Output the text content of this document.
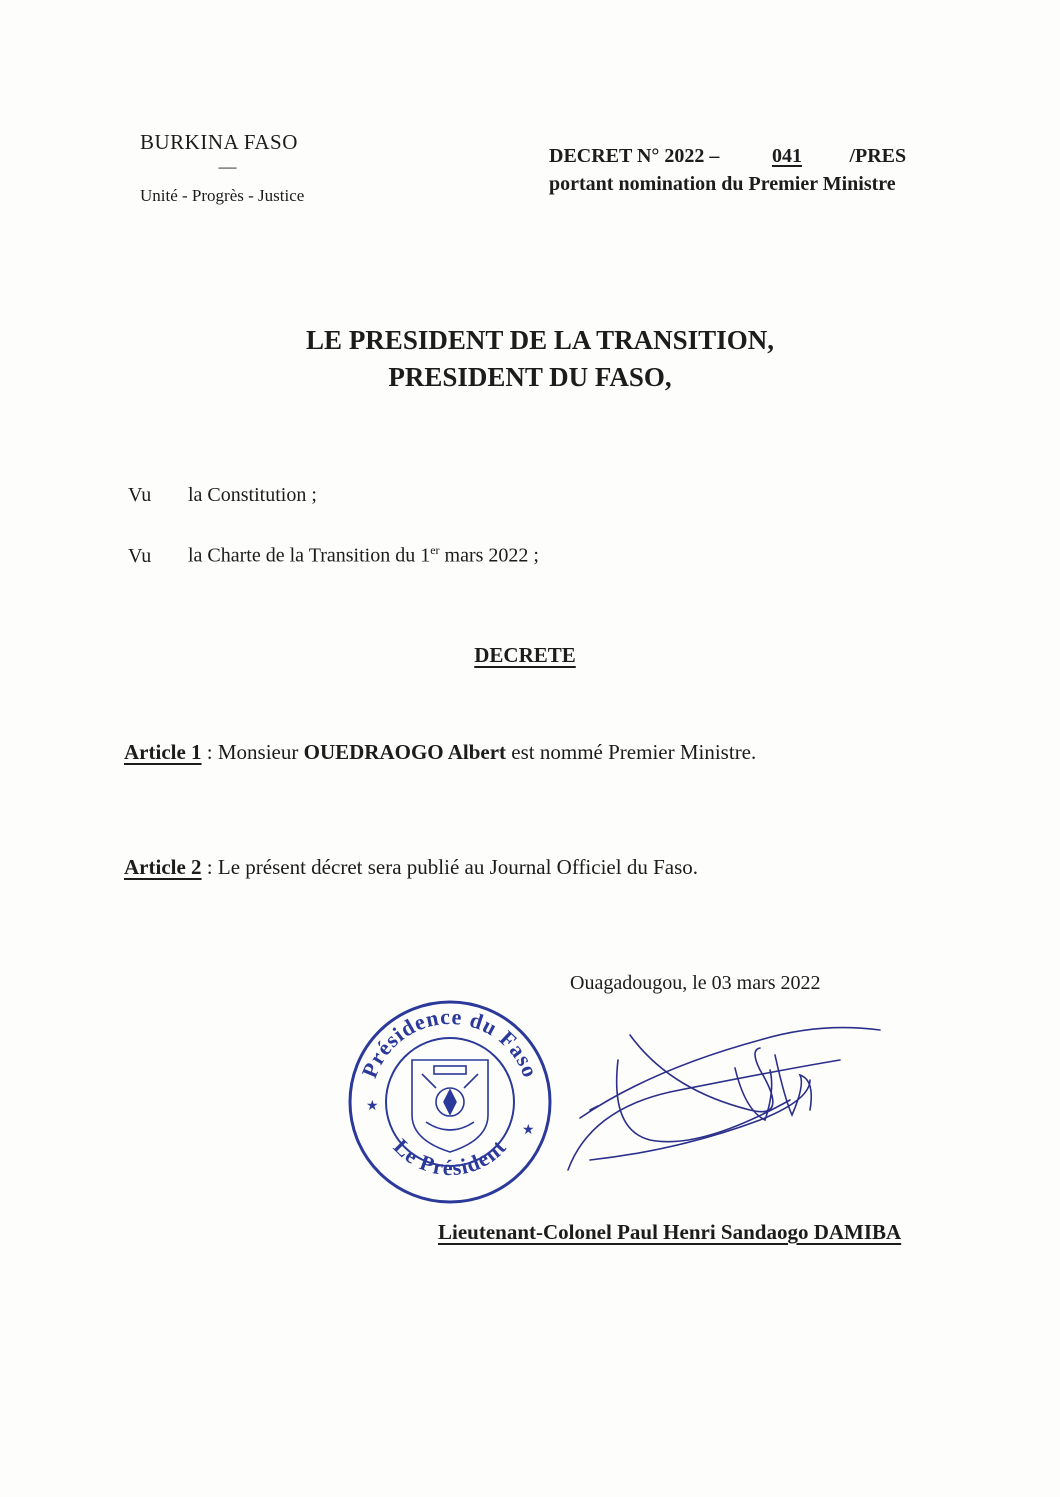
BURKINA FASO
------
Unité - Progrès - Justice
DECRET N° 2022 –	041 /PRES
portant nomination du Premier Ministre
LE PRESIDENT DE LA TRANSITION,
PRESIDENT DU FASO,
Vu la Constitution ;
Vu la Charte de la Transition du 1er mars 2022 ;
DECRETE
Article 1 : Monsieur OUEDRAOGO Albert est nommé Premier Ministre.
Article 2 : Le présent décret sera publié au Journal Officiel du Faso.
Ouagadougou, le 03 mars 2022
Présidence du Faso
Le Président
★
★
Lieutenant-Colonel Paul Henri Sandaogo DAMIBA
